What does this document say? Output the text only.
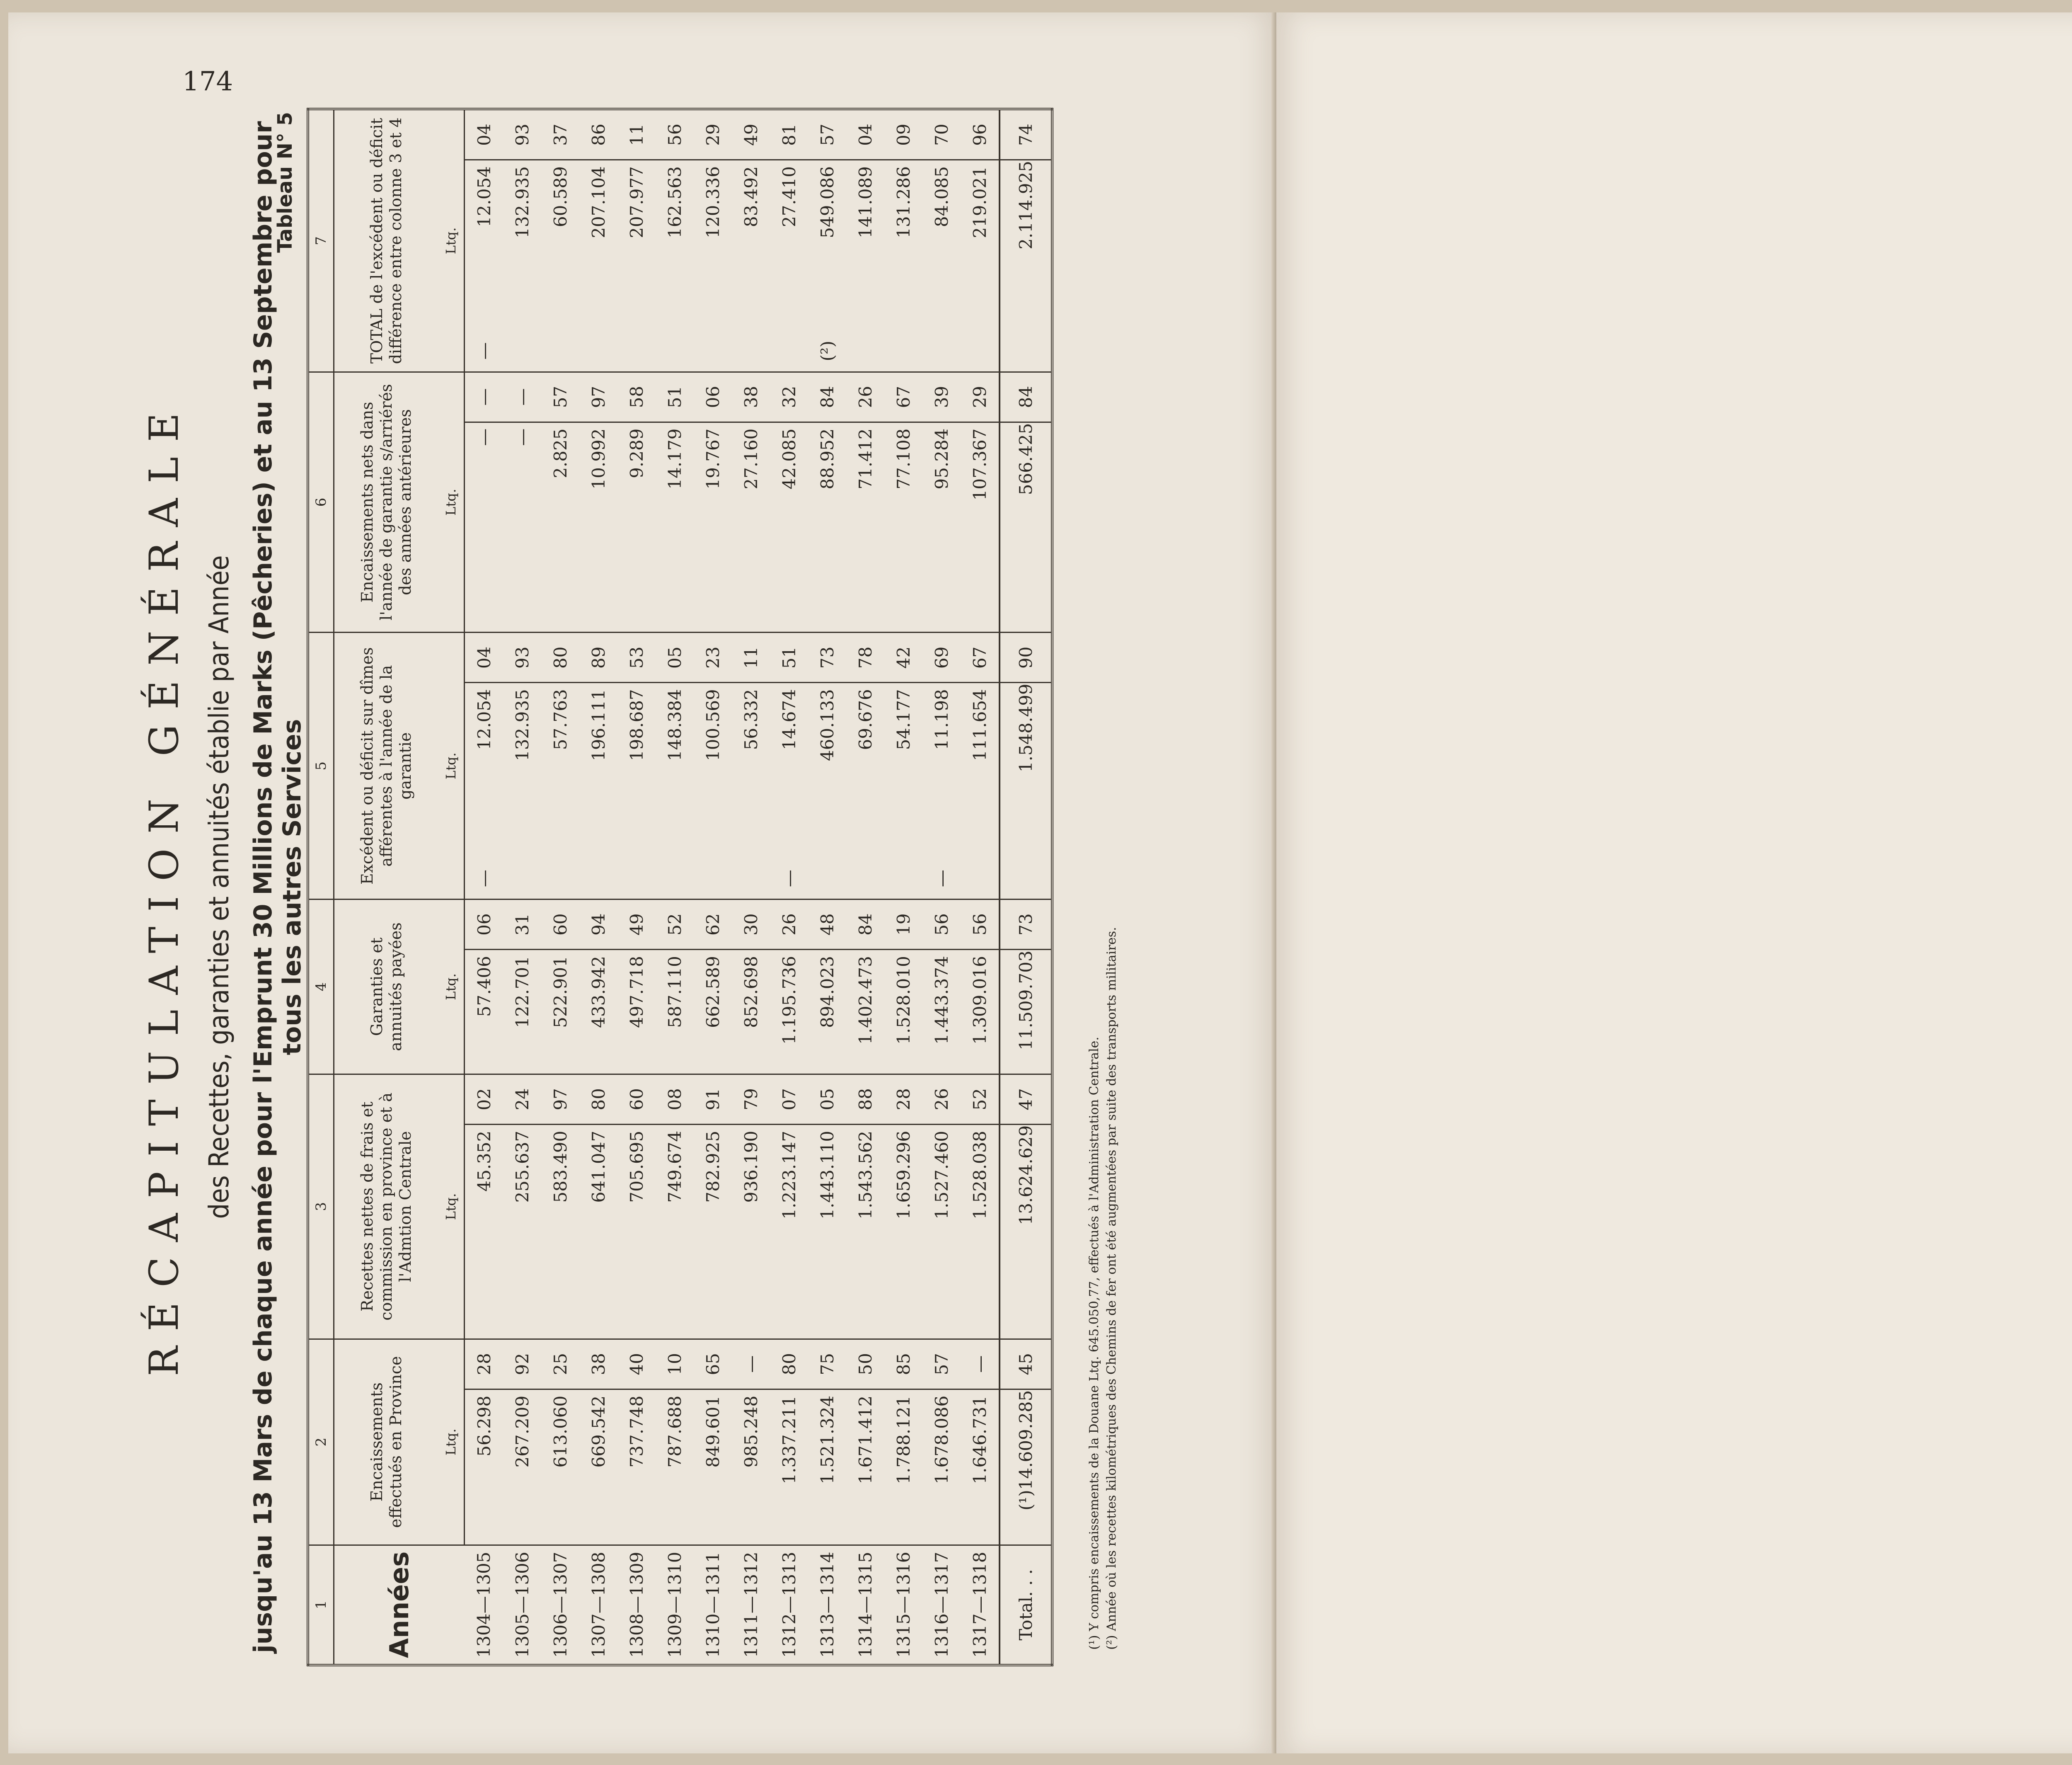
174
RÉCAPITULATION GÉNÉRALE des Recettes, garanties et annuités établie par Année jusqu'au 13 Mars de chaque année pour l'Emprunt 30 Millions de Marks (Pêcheries) et au 13 Septembre pour tous les autres Services
Tableau N° 5
1	2		3		4		5			6		7		
Années	Encaissements effectués en Province		Recettes nettes de frais et commission en province et à l'Admtion Centrale		Garanties et annuités payées		Excédent ou déficit sur dîmes afférentes à l'année de la garantie			Encaissements nets dans l'année de garantie s/arriérés des années antérieures		TOTAL de l'excédent ou déficit différence entre colonne 3 et 4		
	Ltq.		Ltq.		Ltq.		Ltq.			Ltq.		Ltq.		
1304—1305	56.298	28	45.352	02	57.406	06	—	12.054	04	—	—	—	12.054	04
1305—1306	267.209	92	255.637	24	122.701	31		132.935	93	—	—		132.935	93
1306—1307	613.060	25	583.490	97	522.901	60		57.763	80	2.825	57		60.589	37
1307—1308	669.542	38	641.047	80	433.942	94		196.111	89	10.992	97		207.104	86
1308—1309	737.748	40	705.695	60	497.718	49		198.687	53	9.289	58		207.977	11
1309—1310	787.688	10	749.674	08	587.110	52		148.384	05	14.179	51		162.563	56
1310—1311	849.601	65	782.925	91	662.589	62		100.569	23	19.767	06		120.336	29
1311—1312	985.248	—	936.190	79	852.698	30		56.332	11	27.160	38		83.492	49
1312—1313	1.337.211	80	1.223.147	07	1.195.736	26	—	14.674	51	42.085	32		27.410	81
1313—1314	1.521.324	75	1.443.110	05	894.023	48		460.133	73	88.952	84	(²)	549.086	57
1314—1315	1.671.412	50	1.543.562	88	1.402.473	84		69.676	78	71.412	26		141.089	04
1315—1316	1.788.121	85	1.659.296	28	1.528.010	19		54.177	42	77.108	67		131.286	09
1316—1317	1.678.086	57	1.527.460	26	1.443.374	56	—	11.198	69	95.284	39		84.085	70
1317—1318	1.646.731	—	1.528.038	52	1.309.016	56		111.654	67	107.367	29		219.021	96
Total. . .	(¹)14.609.285	45	13.624.629	47	11.509.703	73		1.548.499	90	566.425	84		2.114.925	74
(¹) Y compris encaissements de la Douane Ltq. 645.050,77, effectués à l'Administration Centrale. (²) Année où les recettes kilométriques des Chemins de fer ont été augmentées par suite des transports militaires.
